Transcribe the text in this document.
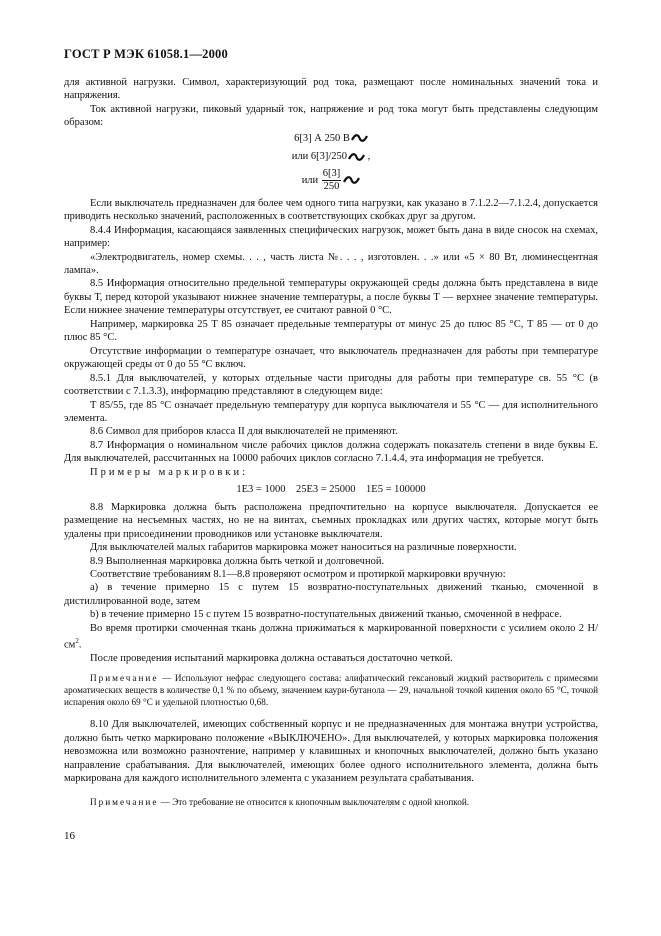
ГОСТ Р МЭК 61058.1—2000

для активной нагрузки. Символ, характеризующий род тока, размещают после номинальных значений тока и напряжения.

Ток активной нагрузки, пиковый ударный ток, напряжение и род тока могут быть представлены следующим образом:

6[3] А 250 В

или 6[3]/250 ,

или $\frac{6[3]}{250}$

Если выключатель предназначен для более чем одного типа нагрузки, как указано в 7.1.2.2—7.1.2.4, допускается приводить несколько значений, расположенных в соответствующих скобках друг за другом.

8.4.4 Информация, касающаяся заявленных специфических нагрузок, может быть дана в виде сносок на схемах, например:

«Электродвигатель, номер схемы. . . , часть листа №. . . , изготовлен. . .» или «5 × 80 Вт, люминесцентная лампа».

8.5 Информация относительно предельной температуры окружающей среды должна быть представлена в виде буквы Т, перед которой указывают нижнее значение температуры, а после буквы Т — верхнее значение температуры. Если нижнее значение температуры отсутствует, ее считают равной 0 °С.

Например, маркировка 25 Т 85 означает предельные температуры от минус 25 до плюс 85 °С, Т 85 — от 0 до плюс 85 °С.

Отсутствие информации о температуре означает, что выключатель предназначен для работы при температуре окружающей среды от 0 до 55 °С включ.

8.5.1 Для выключателей, у которых отдельные части пригодны для работы при температуре св. 55 °С (в соответствии с 7.1.3.3), информацию представляют в следующем виде:

Т 85/55, где 85 °С означает предельную температуру для корпуса выключателя и 55 °С — для исполнительного элемента.

8.6 Символ для приборов класса II для выключателей не применяют.

8.7 Информация о номинальном числе рабочих циклов должна содержать показатель степени в виде буквы Е. Для выключателей, рассчитанных на 10000 рабочих циклов согласно 7.1.4.4, эта информация не требуется.

Примеры маркировки:

1Е3 = 1000    25Е3 = 25000    1Е5 = 100000

8.8 Маркировка должна быть расположена предпочтительно на корпусе выключателя. Допускается ее размещение на несъемных частях, но не на винтах, съемных прокладках или других частях, которые могут быть удалены при присоединении проводников или установке выключателя.

Для выключателей малых габаритов маркировка может наноситься на различные поверхности.

8.9 Выполненная маркировка должна быть четкой и долговечной.

Соответствие требованиям 8.1—8.8 проверяют осмотром и протиркой маркировки вручную:

a) в течение примерно 15 с путем 15 возвратно-поступательных движений тканью, смоченной в дистиллированной воде, затем

b) в течение примерно 15 с путем 15 возвратно-поступательных движений тканью, смоченной в нефрасе.

Во время протирки смоченная ткань должна прижиматься к маркированной поверхности с усилием около 2 $Н/см^2$.

После проведения испытаний маркировка должна оставаться достаточно четкой.

Примечание — Используют нефрас следующего состава: алифатический гексановый жидкий растворитель с примесями ароматических веществ в количестве 0,1 % по объему, значением каури-бутанола — 29, начальной точкой кипения около 65 °С, точкой испарения около 69 °С и удельной плотностью 0,68.

8.10 Для выключателей, имеющих собственный корпус и не предназначенных для монтажа внутри устройства, должно быть четко маркировано положение «ВЫКЛЮЧЕНО». Для выключателей, у которых маркировка положения невозможна или возможно разночтение, например у клавишных и кнопочных выключателей, должно быть указано направление срабатывания. Для выключателей, имеющих более одного исполнительного элемента, должна быть маркирована для каждого исполнительного элемента с указанием результата срабатывания.

Примечание — Это требование не относится к кнопочным выключателям с одной кнопкой.

16
